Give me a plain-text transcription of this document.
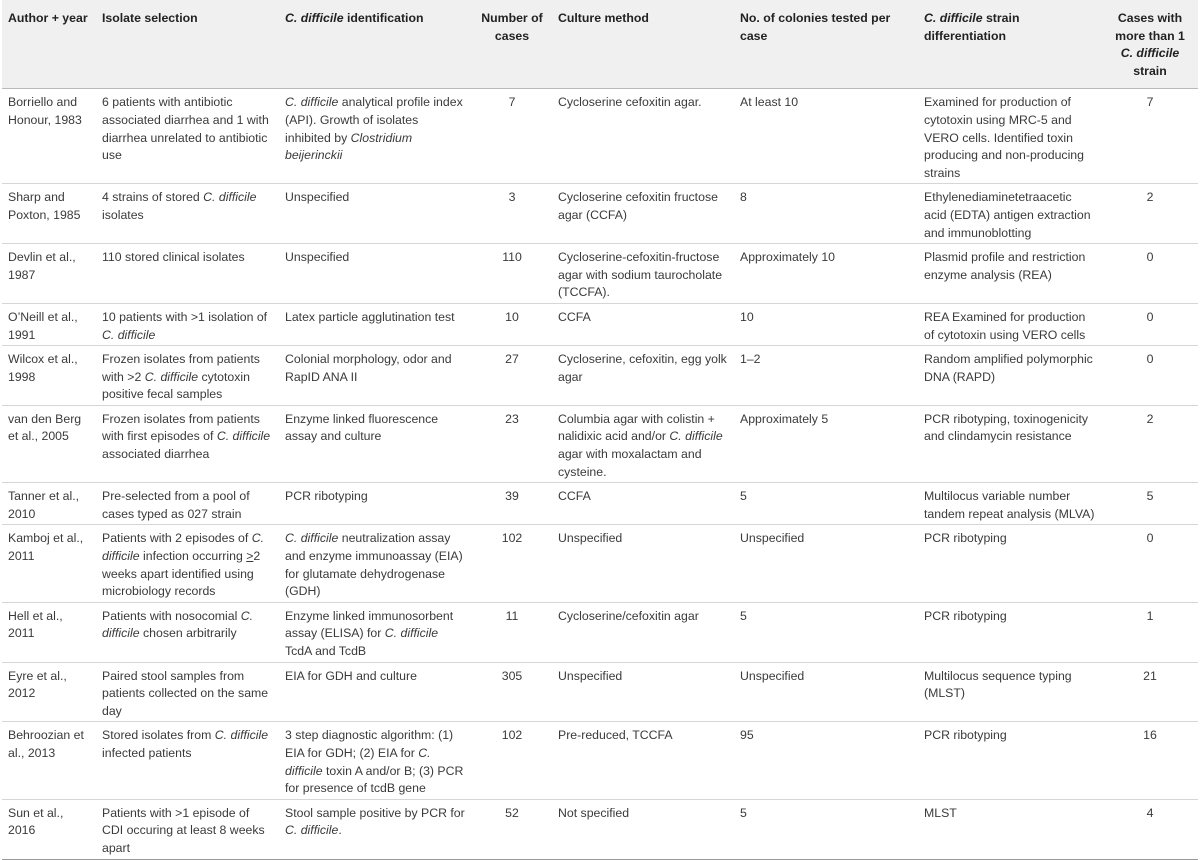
Author + year	Isolate selection	C. difficile identification	Number of cases	Culture method	No. of colonies tested per case	C. difficile strain differentiation	Cases with more than 1 C. difficile strain
Borriello and Honour, 1983	6 patients with antibiotic associated diarrhea and 1 with diarrhea unrelated to antibiotic use	C. difficile analytical profile index (API). Growth of isolates inhibited by Clostridium beijerinckii	7	Cycloserine cefoxitin agar.	At least 10	Examined for production of cytotoxin using MRC-5 and VERO cells. Identified toxin producing and non-producing strains	7
Sharp and Poxton, 1985	4 strains of stored C. difficile isolates	Unspecified	3	Cycloserine cefoxitin fructose agar (CCFA)	8	Ethylenediaminetetraacetic acid (EDTA) antigen extraction and immunoblotting	2
Devlin et al., 1987	110 stored clinical isolates	Unspecified	110	Cycloserine-cefoxitin-fructose agar with sodium taurocholate (TCCFA).	Approximately 10	Plasmid profile and restriction enzyme analysis (REA)	0
O’Neill et al., 1991	10 patients with >1 isolation of C. difficile	Latex particle agglutination test	10	CCFA	10	REA Examined for production of cytotoxin using VERO cells	0
Wilcox et al., 1998	Frozen isolates from patients with >2 C. difficile cytotoxin positive fecal samples	Colonial morphology, odor and RapID ANA II	27	Cycloserine, cefoxitin, egg yolk agar	1–2	Random amplified polymorphic DNA (RAPD)	0
van den Berg et al., 2005	Frozen isolates from patients with first episodes of C. difficile associated diarrhea	Enzyme linked fluorescence assay and culture	23	Columbia agar with colistin + nalidixic acid and/or C. difficile agar with moxalactam and cysteine.	Approximately 5	PCR ribotyping, toxinogenicity and clindamycin resistance	2
Tanner et al., 2010	Pre-selected from a pool of cases typed as 027 strain	PCR ribotyping	39	CCFA	5	Multilocus variable number tandem repeat analysis (MLVA)	5
Kamboj et al., 2011	Patients with 2 episodes of C. difficile infection occurring >2 weeks apart identified using microbiology records	C. difficile neutralization assay and enzyme immunoassay (EIA) for glutamate dehydrogenase (GDH)	102	Unspecified	Unspecified	PCR ribotyping	0
Hell et al., 2011	Patients with nosocomial C. difficile chosen arbitrarily	Enzyme linked immunosorbent assay (ELISA) for C. difficile TcdA and TcdB	11	Cycloserine/cefoxitin agar	5	PCR ribotyping	1
Eyre et al., 2012	Paired stool samples from patients collected on the same day	EIA for GDH and culture	305	Unspecified	Unspecified	Multilocus sequence typing (MLST)	21
Behroozian et al., 2013	Stored isolates from C. difficile infected patients	3 step diagnostic algorithm: (1) EIA for GDH; (2) EIA for C. difficile toxin A and/or B; (3) PCR for presence of tcdB gene	102	Pre-reduced, TCCFA	95	PCR ribotyping	16
Sun et al., 2016	Patients with >1 episode of CDI occuring at least 8 weeks apart	Stool sample positive by PCR for C. difficile.	52	Not specified	5	MLST	4
